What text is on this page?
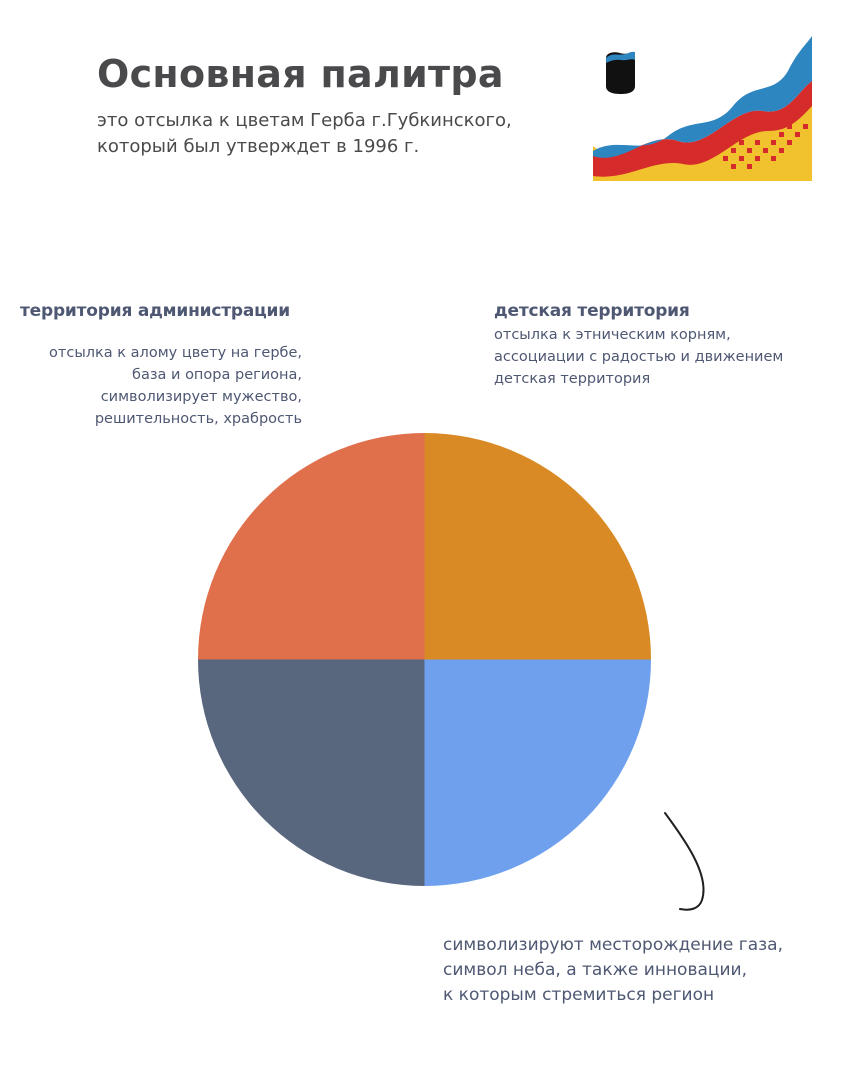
Основная палитра
это отсылка к цветам Герба г.Губкинского,
который был утверждет в 1996 г.
территория администрации
отсылка к алому цвету на гербе,
база и опора региона,
символизирует мужество,
решительность, храбрость
детская территория
отсылка к этническим корням,
ассоциации с радостью и движением
детская территория
символизируют месторождение газа,
символ неба, а также инновации,
к которым стремиться регион
